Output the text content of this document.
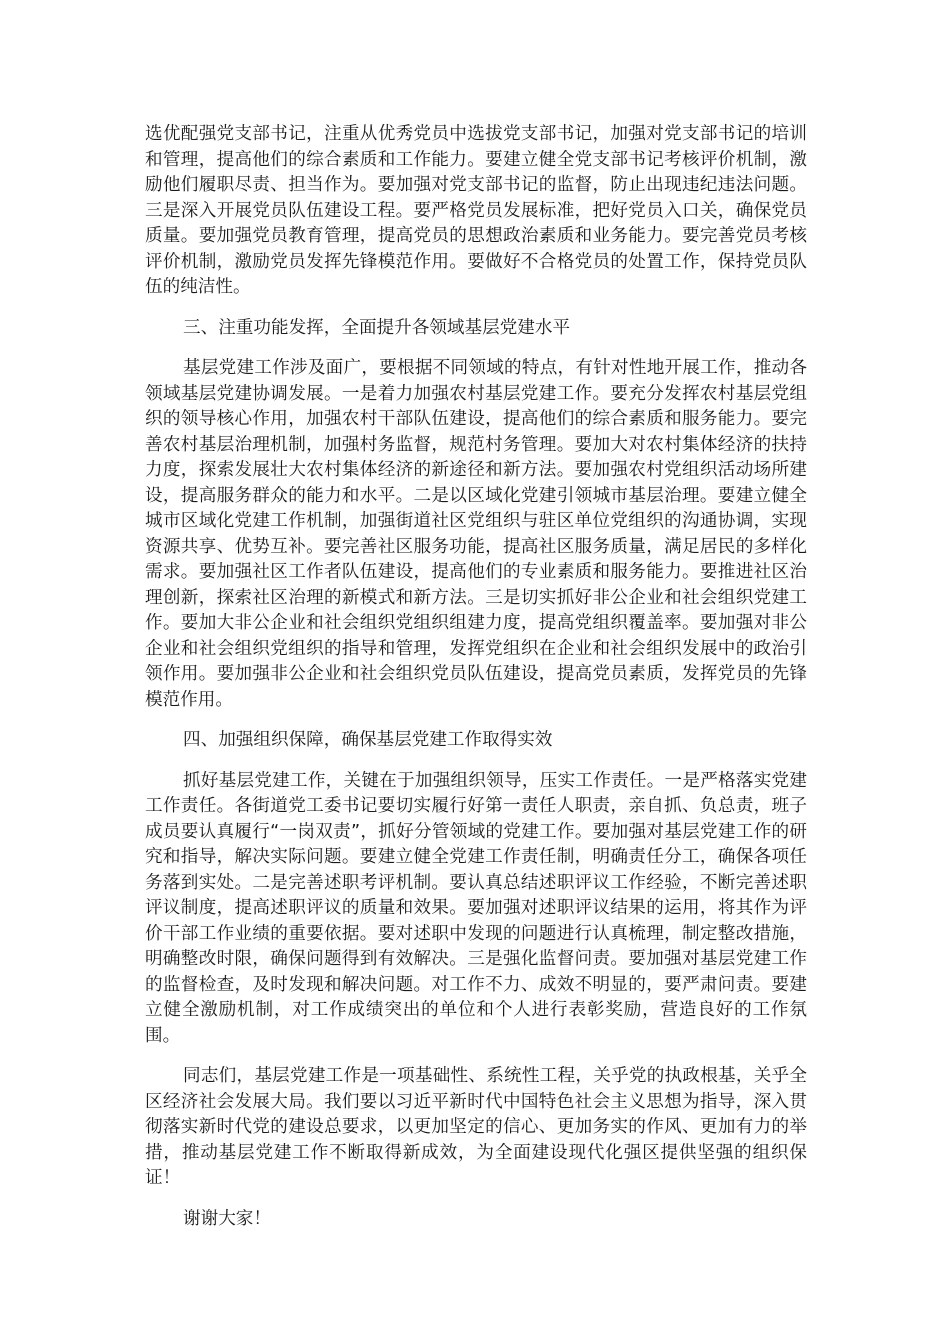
选优配强党支部书记，注重从优秀党员中选拔党支部书记，加强对党支部书记的培训和管理，提高他们的综合素质和工作能力。要建立健全党支部书记考核评价机制，激励他们履职尽责、担当作为。要加强对党支部书记的监督，防止出现违纪违法问题。三是深入开展党员队伍建设工程。要严格党员发展标准，把好党员入口关，确保党员质量。要加强党员教育管理，提高党员的思想政治素质和业务能力。要完善党员考核评价机制，激励党员发挥先锋模范作用。要做好不合格党员的处置工作，保持党员队伍的纯洁性。

三、注重功能发挥，全面提升各领域基层党建水平

基层党建工作涉及面广，要根据不同领域的特点，有针对性地开展工作，推动各领域基层党建协调发展。一是着力加强农村基层党建工作。要充分发挥农村基层党组织的领导核心作用，加强农村干部队伍建设，提高他们的综合素质和服务能力。要完善农村基层治理机制，加强村务监督，规范村务管理。要加大对农村集体经济的扶持力度，探索发展壮大农村集体经济的新途径和新方法。要加强农村党组织活动场所建设，提高服务群众的能力和水平。二是以区域化党建引领城市基层治理。要建立健全城市区域化党建工作机制，加强街道社区党组织与驻区单位党组织的沟通协调，实现资源共享、优势互补。要完善社区服务功能，提高社区服务质量，满足居民的多样化需求。要加强社区工作者队伍建设，提高他们的专业素质和服务能力。要推进社区治理创新，探索社区治理的新模式和新方法。三是切实抓好非公企业和社会组织党建工作。要加大非公企业和社会组织党组织组建力度，提高党组织覆盖率。要加强对非公企业和社会组织党组织的指导和管理，发挥党组织在企业和社会组织发展中的政治引领作用。要加强非公企业和社会组织党员队伍建设，提高党员素质，发挥党员的先锋模范作用。

四、加强组织保障，确保基层党建工作取得实效

抓好基层党建工作，关键在于加强组织领导，压实工作责任。一是严格落实党建工作责任。各街道党工委书记要切实履行好第一责任人职责，亲自抓、负总责，班子成员要认真履行“一岗双责”，抓好分管领域的党建工作。要加强对基层党建工作的研究和指导，解决实际问题。要建立健全党建工作责任制，明确责任分工，确保各项任务落到实处。二是完善述职考评机制。要认真总结述职评议工作经验，不断完善述职评议制度，提高述职评议的质量和效果。要加强对述职评议结果的运用，将其作为评价干部工作业绩的重要依据。要对述职中发现的问题进行认真梳理，制定整改措施，明确整改时限，确保问题得到有效解决。三是强化监督问责。要加强对基层党建工作的监督检查，及时发现和解决问题。对工作不力、成效不明显的，要严肃问责。要建立健全激励机制，对工作成绩突出的单位和个人进行表彰奖励，营造良好的工作氛围。

同志们，基层党建工作是一项基础性、系统性工程，关乎党的执政根基，关乎全区经济社会发展大局。我们要以习近平新时代中国特色社会主义思想为指导，深入贯彻落实新时代党的建设总要求，以更加坚定的信心、更加务实的作风、更加有力的举措，推动基层党建工作不断取得新成效，为全面建设现代化强区提供坚强的组织保证！

谢谢大家！
